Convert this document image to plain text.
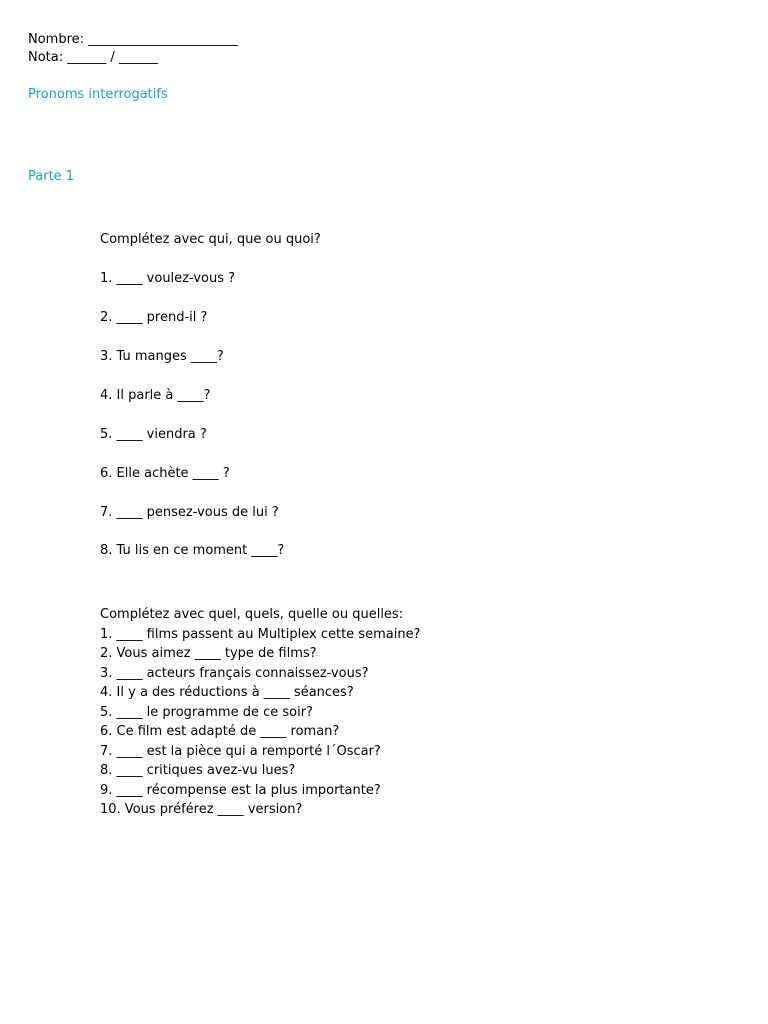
Nombre: _______________________
Nota: ______ / ______
Pronoms interrogatifs
Parte 1
Complétez avec qui, que ou quoi?
1. ____ voulez-vous ?
2. ____ prend-il ?
3. Tu manges ____?
4. Il parle à ____?
5. ____ viendra ?
6. Elle achète ____ ?
7. ____ pensez-vous de lui ?
8. Tu lis en ce moment ____?
Complétez avec quel, quels, quelle ou quelles:
1. ____ films passent au Multiplex cette semaine?
2. Vous aimez ____ type de films?
3. ____ acteurs français connaissez-vous?
4. Il y a des réductions à ____ séances?
5. ____ le programme de ce soir?
6. Ce film est adapté de ____ roman?
7. ____ est la pièce qui a remporté l´Oscar?
8. ____ critiques avez-vu lues?
9. ____ récompense est la plus importante?
10. Vous préférez ____ version?
